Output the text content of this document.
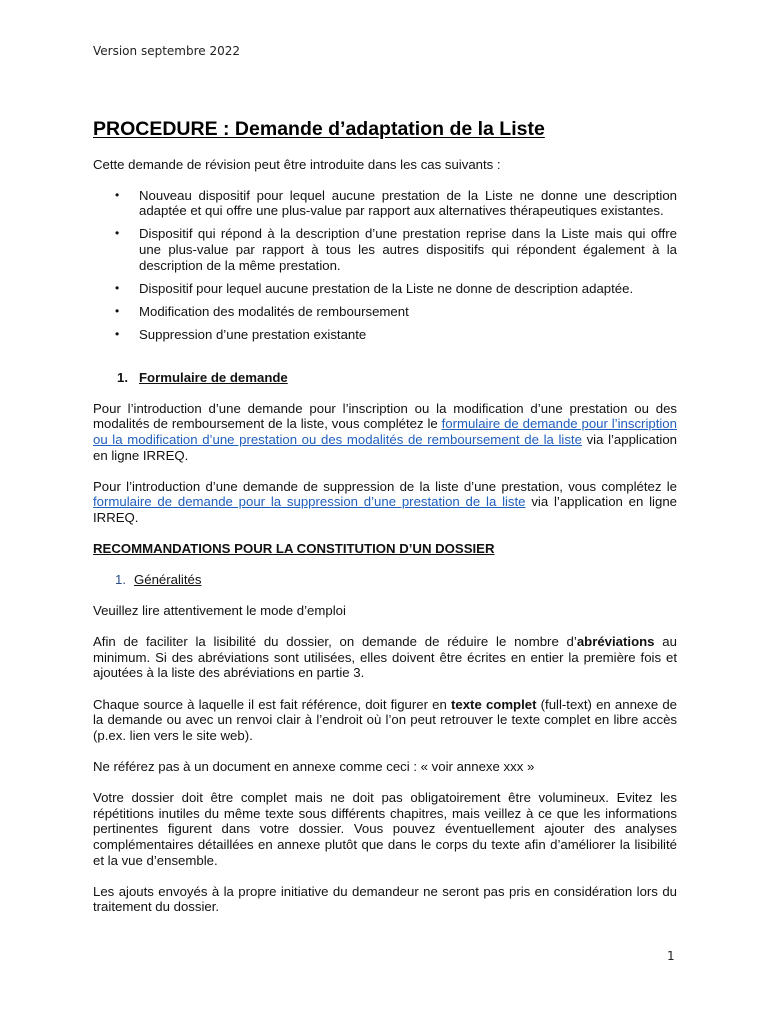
Version septembre 2022
PROCEDURE : Demande d’adaptation de la Liste

Cette demande de révision peut être introduite dans les cas suivants :

• Nouveau dispositif pour lequel aucune prestation de la Liste ne donne une description adaptée et qui offre une plus-value par rapport aux alternatives thérapeutiques existantes.
• Dispositif qui répond à la description d’une prestation reprise dans la Liste mais qui offre une plus-value par rapport à tous les autres dispositifs qui répondent également à la description de la même prestation.
• Dispositif pour lequel aucune prestation de la Liste ne donne de description adaptée.
• Modification des modalités de remboursement
• Suppression d’une prestation existante
1. Formulaire de demande

Pour l’introduction d’une demande pour l’inscription ou la modification d’une prestation ou des modalités de remboursement de la liste, vous complétez le formulaire de demande pour l’inscription ou la modification d’une prestation ou des modalités de remboursement de la liste via l’application en ligne IRREQ.

Pour l’introduction d’une demande de suppression de la liste d’une prestation, vous complétez le formulaire de demande pour la suppression d’une prestation de la liste via l’application en ligne IRREQ.

RECOMMANDATIONS POUR LA CONSTITUTION D’UN DOSSIER
1. Généralités

Veuillez lire attentivement le mode d’emploi

Afin de faciliter la lisibilité du dossier, on demande de réduire le nombre d’abréviations au minimum. Si des abréviations sont utilisées, elles doivent être écrites en entier la première fois et ajoutées à la liste des abréviations en partie 3.

Chaque source à laquelle il est fait référence, doit figurer en texte complet (full-text) en annexe de la demande ou avec un renvoi clair à l’endroit où l’on peut retrouver le texte complet en libre accès (p.ex. lien vers le site web).

Ne référez pas à un document en annexe comme ceci : « voir annexe xxx »

Votre dossier doit être complet mais ne doit pas obligatoirement être volumineux. Evitez les répétitions inutiles du même texte sous différents chapitres, mais veillez à ce que les informations pertinentes figurent dans votre dossier. Vous pouvez éventuellement ajouter des analyses complémentaires détaillées en annexe plutôt que dans le corps du texte afin d’améliorer la lisibilité et la vue d’ensemble.

Les ajouts envoyés à la propre initiative du demandeur ne seront pas pris en considération lors du traitement du dossier.

1
